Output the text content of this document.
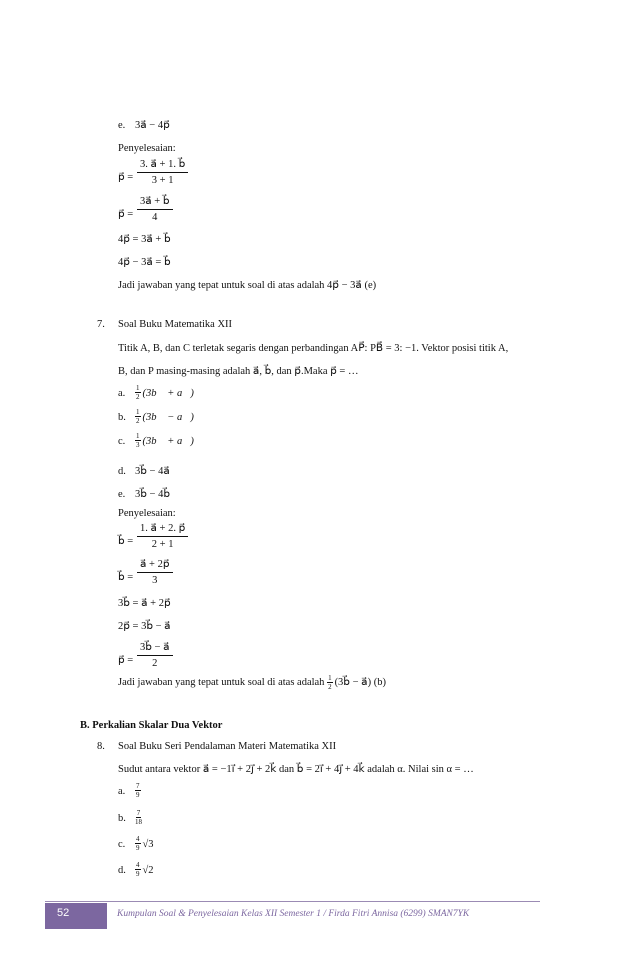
e. 3a⃗ − 4p⃗
Penyelesaian:
p⃗ = $\frac{3. a⃗ + 1. b⃗}{3 + 1}$
p⃗ = $\frac{3a⃗ + b⃗}{4}$
4p⃗ = 3a⃗ + b⃗
4p⃗ − 3a⃗ = b⃗
Jadi jawaban yang tepat untuk soal di atas adalah 4p⃗ − 3a⃗ (e)
7. Soal Buku Matematika XII
Titik A, B, dan C terletak segaris dengan perbandingan AP⃗: PB⃗ = 3: −1. Vektor posisi titik A,
B, dan P masing-masing adalah a⃗, b⃗, dan p⃗.Maka p⃗ = …
a. $\frac{1}{2}$ (3b⃗ + a⃗)
b. $\frac{1}{2}$ (3b⃗ − a⃗)
c. $\frac{1}{3}$ (3b⃗ + a⃗)
d. 3b⃗ − 4a⃗
e. 3b⃗ − 4b⃗
Penyelesaian:
b⃗ = $\frac{1. a⃗ + 2. p⃗}{2 + 1}$
b⃗ = $\frac{a⃗ + 2p⃗}{3}$
3b⃗ = a⃗ + 2p⃗
2p⃗ = 3b⃗ − a⃗
p⃗ = $\frac{3b⃗ - a⃗}{2}$
Jadi jawaban yang tepat untuk soal di atas adalah $\frac{1}{2}$ (3b⃗ − a⃗) (b)
B. Perkalian Skalar Dua Vektor
8. Soal Buku Seri Pendalaman Materi Matematika XII
Sudut antara vektor a⃗ = −1i⃗ + 2j⃗ + 2k⃗ dan b⃗ = 2i⃗ + 4j⃗ + 4k⃗ adalah α. Nilai sin α = …
a. $\frac{7}{9}$
b. $\frac{7}{18}$
c. $\frac{4}{9} √3$
d. $\frac{4}{9} √2$
52	Kumpulan Soal & Penyelesaian Kelas XII Semester 1 / Firda Fitri Annisa (6299) SMAN7YK
